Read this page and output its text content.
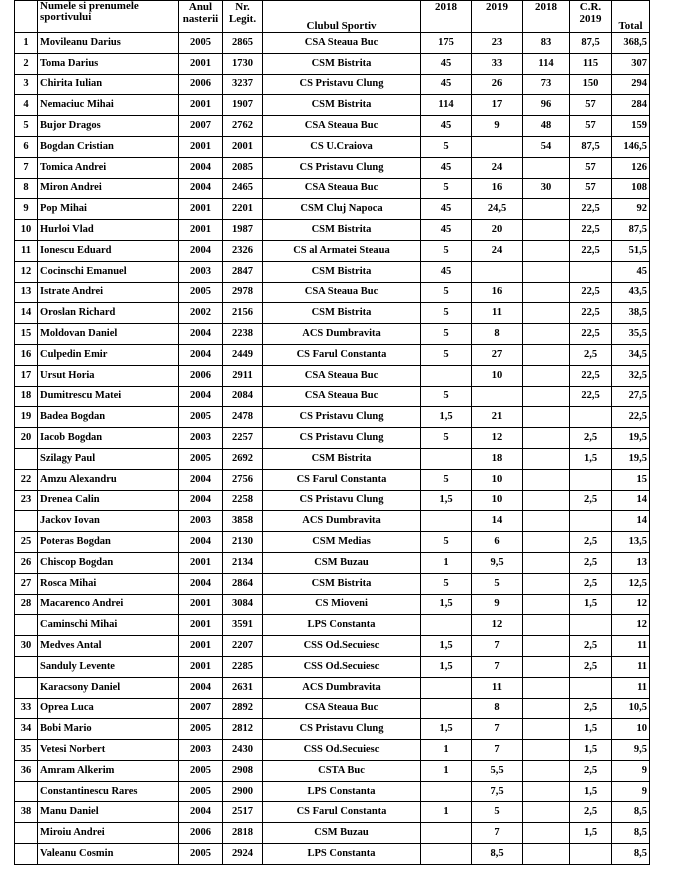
	Numele si prenumele sportivului	Anul nasterii	Nr. Legit.	Clubul Sportiv	2018	2019	2018	C.R. 2019	Total
1	Movileanu Darius	2005	2865	CSA Steaua Buc	175	23	83	87,5	368,5
2	Toma Darius	2001	1730	CSM Bistrita	45	33	114	115	307
3	Chirita Iulian	2006	3237	CS Pristavu Clung	45	26	73	150	294
4	Nemaciuc Mihai	2001	1907	CSM Bistrita	114	17	96	57	284
5	Bujor Dragos	2007	2762	CSA Steaua Buc	45	9	48	57	159
6	Bogdan Cristian	2001	2001	CS U.Craiova	5		54	87,5	146,5
7	Tomica Andrei	2004	2085	CS Pristavu Clung	45	24		57	126
8	Miron Andrei	2004	2465	CSA Steaua Buc	5	16	30	57	108
9	Pop Mihai	2001	2201	CSM Cluj Napoca	45	24,5		22,5	92
10	Hurloi Vlad	2001	1987	CSM Bistrita	45	20		22,5	87,5
11	Ionescu Eduard	2004	2326	CS al Armatei Steaua	5	24		22,5	51,5
12	Cocinschi Emanuel	2003	2847	CSM Bistrita	45				45
13	Istrate Andrei	2005	2978	CSA Steaua Buc	5	16		22,5	43,5
14	Oroslan Richard	2002	2156	CSM Bistrita	5	11		22,5	38,5
15	Moldovan Daniel	2004	2238	ACS Dumbravita	5	8		22,5	35,5
16	Culpedin Emir	2004	2449	CS Farul Constanta	5	27		2,5	34,5
17	Ursut Horia	2006	2911	CSA Steaua Buc		10		22,5	32,5
18	Dumitrescu Matei	2004	2084	CSA Steaua Buc	5			22,5	27,5
19	Badea Bogdan	2005	2478	CS Pristavu Clung	1,5	21			22,5
20	Iacob Bogdan	2003	2257	CS Pristavu Clung	5	12		2,5	19,5
	Szilagy Paul	2005	2692	CSM Bistrita		18		1,5	19,5
22	Amzu Alexandru	2004	2756	CS Farul Constanta	5	10			15
23	Drenea Calin	2004	2258	CS Pristavu Clung	1,5	10		2,5	14
	Jackov Iovan	2003	3858	ACS Dumbravita		14			14
25	Poteras Bogdan	2004	2130	CSM Medias	5	6		2,5	13,5
26	Chiscop Bogdan	2001	2134	CSM Buzau	1	9,5		2,5	13
27	Rosca Mihai	2004	2864	CSM Bistrita	5	5		2,5	12,5
28	Macarenco Andrei	2001	3084	CS Mioveni	1,5	9		1,5	12
	Caminschi Mihai	2001	3591	LPS Constanta		12			12
30	Medves Antal	2001	2207	CSS Od.Secuiesc	1,5	7		2,5	11
	Sanduly Levente	2001	2285	CSS Od.Secuiesc	1,5	7		2,5	11
	Karacsony Daniel	2004	2631	ACS Dumbravita		11			11
33	Oprea Luca	2007	2892	CSA Steaua Buc		8		2,5	10,5
34	Bobi Mario	2005	2812	CS Pristavu Clung	1,5	7		1,5	10
35	Vetesi Norbert	2003	2430	CSS Od.Secuiesc	1	7		1,5	9,5
36	Amram Alkerim	2005	2908	CSTA Buc	1	5,5		2,5	9
	Constantinescu Rares	2005	2900	LPS Constanta		7,5		1,5	9
38	Manu Daniel	2004	2517	CS Farul Constanta	1	5		2,5	8,5
	Miroiu Andrei	2006	2818	CSM Buzau		7		1,5	8,5
	Valeanu Cosmin	2005	2924	LPS Constanta		8,5			8,5
